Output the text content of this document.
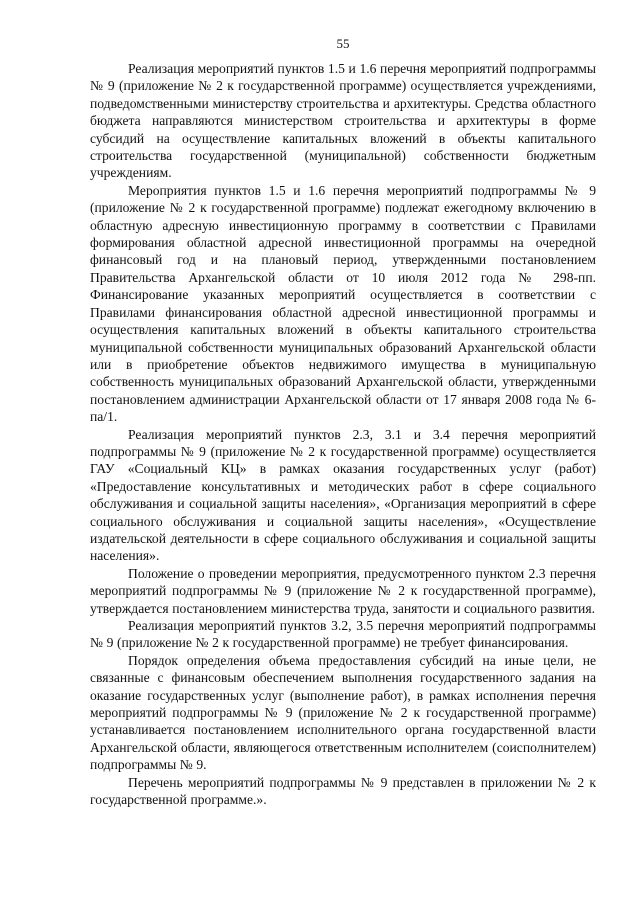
55

Реализация мероприятий пунктов 1.5 и 1.6 перечня мероприятий подпрограммы № 9 (приложение № 2 к государственной программе) осуществляется учреждениями, подведомственными министерству строительства и архитектуры. Средства областного бюджета направляются министерством строительства и архитектуры в форме субсидий на осуществление капитальных вложений в объекты капитального строительства государственной (муниципальной) собственности бюджетным учреждениям.

Мероприятия пунктов 1.5 и 1.6 перечня мероприятий подпрограммы № 9 (приложение № 2 к государственной программе) подлежат ежегодному включению в областную адресную инвестиционную программу в соответствии с Правилами формирования областной адресной инвестиционной программы на очередной финансовый год и на плановый период, утвержденными постановлением Правительства Архангельской области от 10 июля 2012 года № 298-пп. Финансирование указанных мероприятий осуществляется в соответствии с Правилами финансирования областной адресной инвестиционной программы и осуществления капитальных вложений в объекты капитального строительства муниципальной собственности муниципальных образований Архангельской области или в приобретение объектов недвижимого имущества в муниципальную собственность муниципальных образований Архангельской области, утвержденными постановлением администрации Архангельской области от 17 января 2008 года № 6-па/1.

Реализация мероприятий пунктов 2.3, 3.1 и 3.4 перечня мероприятий подпрограммы № 9 (приложение № 2 к государственной программе) осуществляется ГАУ «Социальный КЦ» в рамках оказания государственных услуг (работ) «Предоставление консультативных и методических работ в сфере социального обслуживания и социальной защиты населения», «Организация мероприятий в сфере социального обслуживания и социальной защиты населения», «Осуществление издательской деятельности в сфере социального обслуживания и социальной защиты населения».

Положение о проведении мероприятия, предусмотренного пунктом 2.3 перечня мероприятий подпрограммы № 9 (приложение № 2 к государственной программе), утверждается постановлением министерства труда, занятости и социального развития.

Реализация мероприятий пунктов 3.2, 3.5 перечня мероприятий подпрограммы № 9 (приложение № 2 к государственной программе) не требует финансирования.

Порядок определения объема предоставления субсидий на иные цели, не связанные с финансовым обеспечением выполнения государственного задания на оказание государственных услуг (выполнение работ), в рамках исполнения перечня мероприятий подпрограммы № 9 (приложение № 2 к государственной программе) устанавливается постановлением исполнительного органа государственной власти Архангельской области, являющегося ответственным исполнителем (соисполнителем) подпрограммы № 9.

Перечень мероприятий подпрограммы № 9 представлен в приложении № 2 к государственной программе.».
